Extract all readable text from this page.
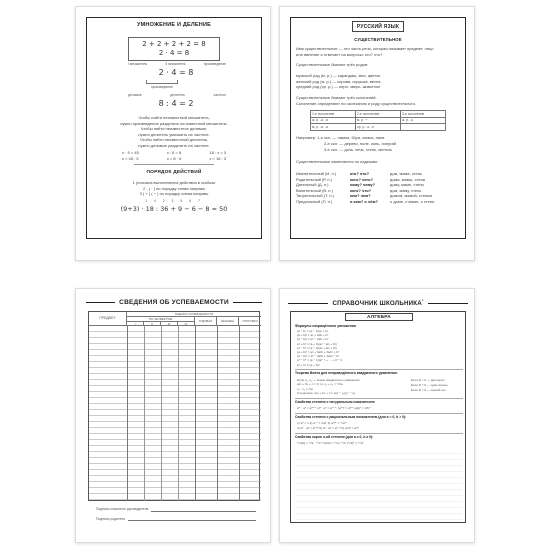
УМНОЖЕНИЕ И ДЕЛЕНИЕ
2 + 2 + 2 + 2 = 8
2 · 4 = 8
I множитель	II множитель	произведение
2 · 4 = 8
произведение
делимое	делитель	частное
8 : 4 = 2
Чтобы найти неизвестный множитель,
нужно произведение разделить на известный множитель.
Чтобы найти неизвестное делимое,
нужно делитель умножить на частное.
Чтобы найти неизвестный делитель,
нужно делимое разделить на частное.
x · 5 = 45
x = 45 : 5
x : 6 = 8
x = 8 · 6
18 : x = 3
x = 18 : 3
ПОРЯДОК ДЕЙСТВИЙ
1 (сначала выполняются действия в скобках
2 - ( · ) по порядку слева направо
3 ( + ) ( − ) по порядку слева направо
1 4 2 3 5 6 7
(9+3) · 18 : 36 + 9 − 6 − 8 = 50
РУССКИЙ ЯЗЫК
СУЩЕСТВИТЕЛЬНОЕ
Имя существительное — это часть речи, которая называет предмет, лицо
или явление и отвечает на вопросы: кто? что?
Существительные бывают трёх родов:
мужской род (м. р.) — карандаш, мяч, цветок
женский род (ж. р.) — корова, игрушка, весна
средний род (ср. р.) — перо, зверь, животное
Существительные бывают трёх склонений.
Склонение определяют по окончанию и роду существительного.
1-е склонение	2-е склонение	3-е склонение
ж. р. -а, -я	м. р. ─	ж. р. -ь
м. р. -а, -я	ср. р. -о, -е	
Например: 1-е скл. — лампа, Юра, семья, папа
2-е скл. — дерево, поле, конь, попугай
3-е скл. — дочь, печь, степь, мелочь
Существительные изменяются по падежам:
Именительный (И. п.)	кто? что?	дом, мама, степь
Родительный (Р. п.)	кого? чего?	дома, мамы, степи
Дательный (Д. п.)	кому? чему?	дому, маме, степи
Винительный (В. п.)	кого? что?	дом, маму, степь
Творительный (Т. п.)	кем? чем?	домом, мамой, степью
Предложный (П. п.)	о ком? о чём?	о доме, о маме, о степи
СВЕДЕНИЯ ОБ УСПЕВАЕМОСТИ
ПРЕДМЕТ
ОЦЕНКИ УСПЕВАЕМОСТИ
ПО ЧЕТВЕРТЯМ
I	II	III	IV
ГОДОВАЯ	ЭКЗАМЕН	ИТОГОВАЯ
Подпись классного руководителя
Подпись родителя
СПРАВОЧНИК ШКОЛЬНИКА*
АЛГЕБРА
Формулы сокращённого умножения
a² − b² = (a − b)(a + b)
(a + b)² = a² + 2ab + b²
(a − b)² = a² − 2ab + b²
a³ + b³ = (a + b)(a² − ab + b²)
a³ − b³ = (a − b)(a² + ab + b²)
(a + b)³ = a³ + 3a²b + 3ab² + b³
(a − b)³ = a³ − 3a²b + 3ab² − b³
aⁿ − bⁿ = (a − b)(aⁿ⁻¹ + … + bⁿ⁻¹)
a² + b² ≠ (a + b)²
Теорема Виета для неприведённого квадратного уравнения:
Если x₁, x₂ — корни квадратного уравнения
ax² + bx + c = 0, то x₁ + x₂ = −b/a
x₁ · x₂ = c/a
Следствие: ax² + bx + c = a(x − x₁)(x − x₂)
Если D > 0 — два корня
Если D = 0 — один корень
Если D < 0 — корней нет
Свойства степени с натуральным показателем
aᵐ · aⁿ = aᵐ⁺ⁿ; aᵐ : aⁿ = aᵐ⁻ⁿ; (aᵐ)ⁿ = aᵐⁿ; (ab)ⁿ = aⁿbⁿ
Свойства степени с рациональным показателем (для a > 0, b > 0):
1) a⁰ = 1 2) a⁻ⁿ = 1/aⁿ 3) aᵐ/ⁿ = ⁿ√aᵐ
4) aᵖ · aᵍ = aᵖ⁺ᵍ 5) aᵖ : aᵍ = aᵖ⁻ᵍ 6) (aᵖ)ᵍ = aᵖᵍ
Свойства корня n-ой степени (для a ≥ 0, b ≥ 0):
ⁿ√(ab) = ⁿ√a · ⁿ√b ⁿ√(a/b) = ⁿ√a / ⁿ√b (ⁿ√a)ᵏ = ⁿ√aᵏ
